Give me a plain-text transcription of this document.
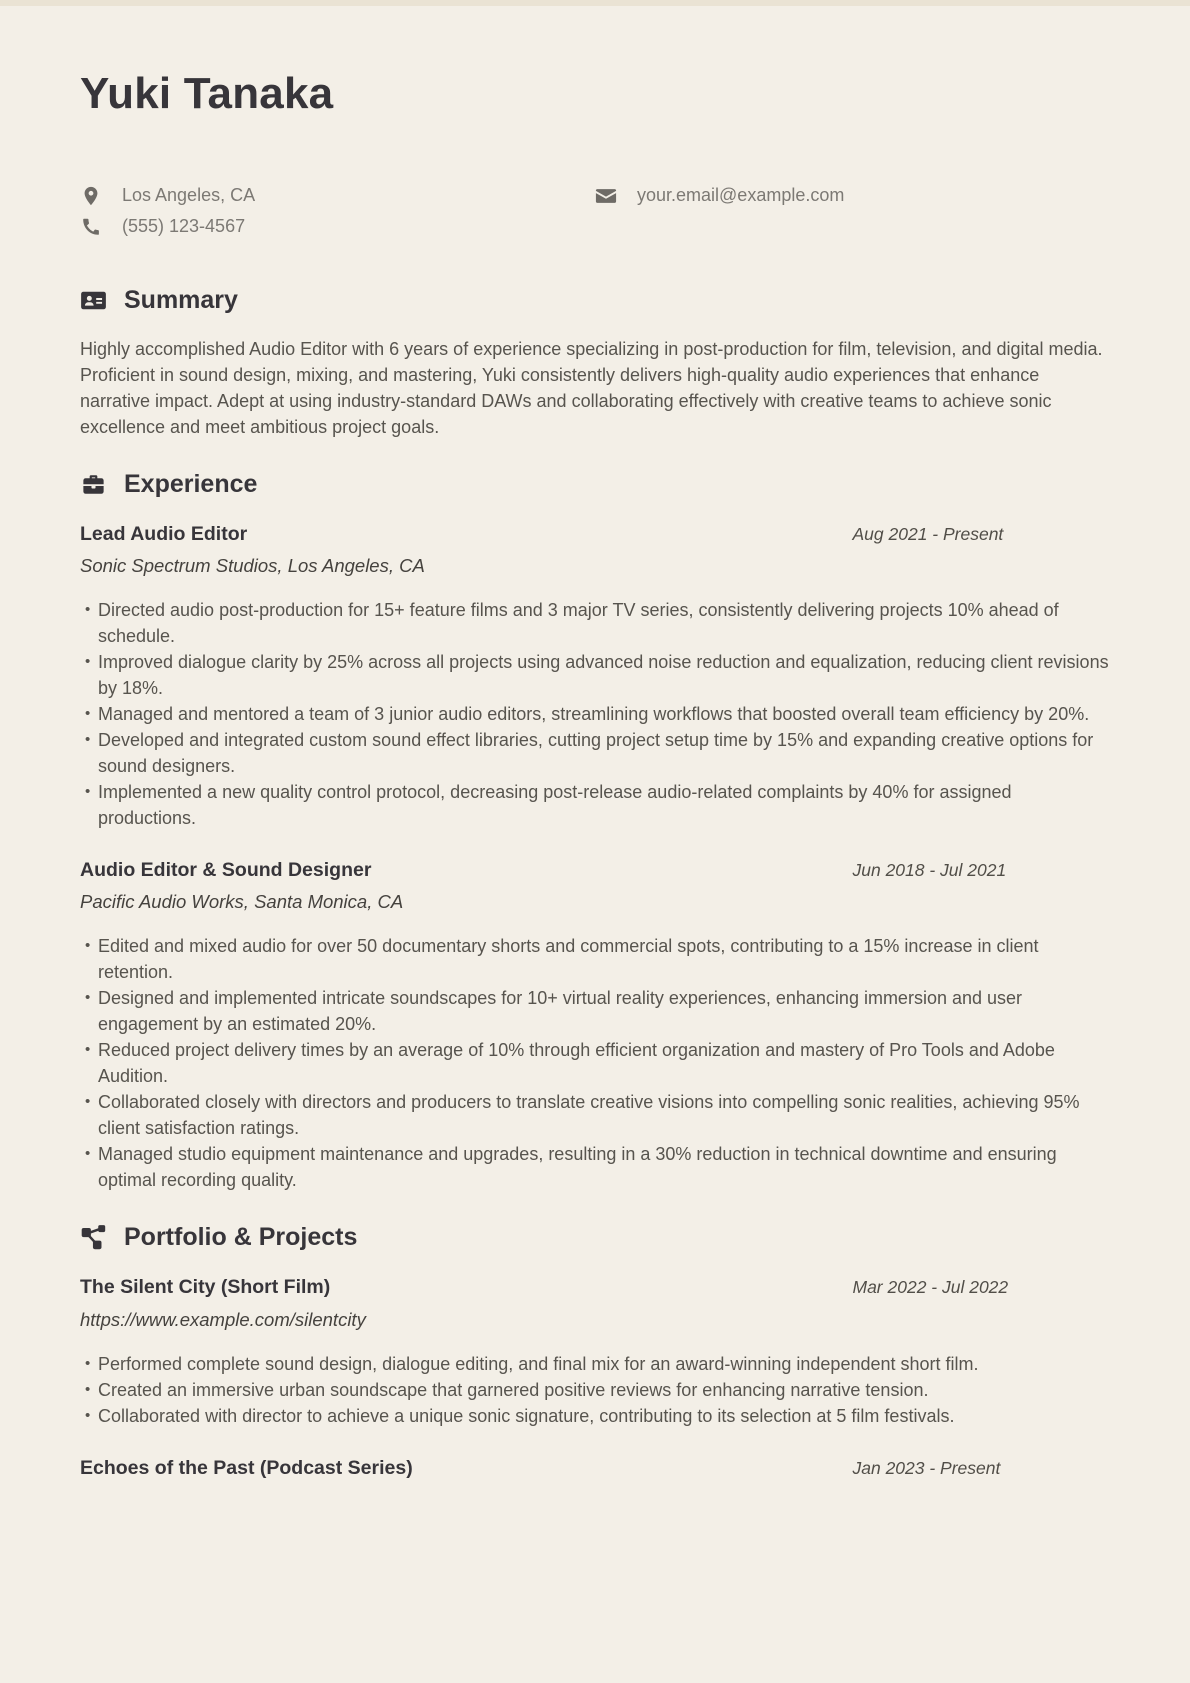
Yuki Tanaka
Los Angeles, CA	your.email@example.com
(555) 123-4567
Summary

Highly accomplished Audio Editor with 6 years of experience specializing in post-production for film, television, and digital media. Proficient in sound design, mixing, and mastering, Yuki consistently delivers high-quality audio experiences that enhance narrative impact. Adept at using industry-standard DAWs and collaborating effectively with creative teams to achieve sonic excellence and meet ambitious project goals.

Experience
Lead Audio Editor	Aug 2021 - Present
Sonic Spectrum Studios, Los Angeles, CA
• Directed audio post-production for 15+ feature films and 3 major TV series, consistently delivering projects 10% ahead of schedule.
• Improved dialogue clarity by 25% across all projects using advanced noise reduction and equalization, reducing client revisions by 18%.
• Managed and mentored a team of 3 junior audio editors, streamlining workflows that boosted overall team efficiency by 20%.
• Developed and integrated custom sound effect libraries, cutting project setup time by 15% and expanding creative options for sound designers.
• Implemented a new quality control protocol, decreasing post-release audio-related complaints by 40% for assigned productions.
Audio Editor & Sound Designer	Jun 2018 - Jul 2021
Pacific Audio Works, Santa Monica, CA
• Edited and mixed audio for over 50 documentary shorts and commercial spots, contributing to a 15% increase in client retention.
• Designed and implemented intricate soundscapes for 10+ virtual reality experiences, enhancing immersion and user engagement by an estimated 20%.
• Reduced project delivery times by an average of 10% through efficient organization and mastery of Pro Tools and Adobe Audition.
• Collaborated closely with directors and producers to translate creative visions into compelling sonic realities, achieving 95% client satisfaction ratings.
• Managed studio equipment maintenance and upgrades, resulting in a 30% reduction in technical downtime and ensuring optimal recording quality.
Portfolio & Projects
The Silent City (Short Film)	Mar 2022 - Jul 2022
https://www.example.com/silentcity
• Performed complete sound design, dialogue editing, and final mix for an award-winning independent short film.
• Created an immersive urban soundscape that garnered positive reviews for enhancing narrative tension.
• Collaborated with director to achieve a unique sonic signature, contributing to its selection at 5 film festivals.
Echoes of the Past (Podcast Series)	Jan 2023 - Present
